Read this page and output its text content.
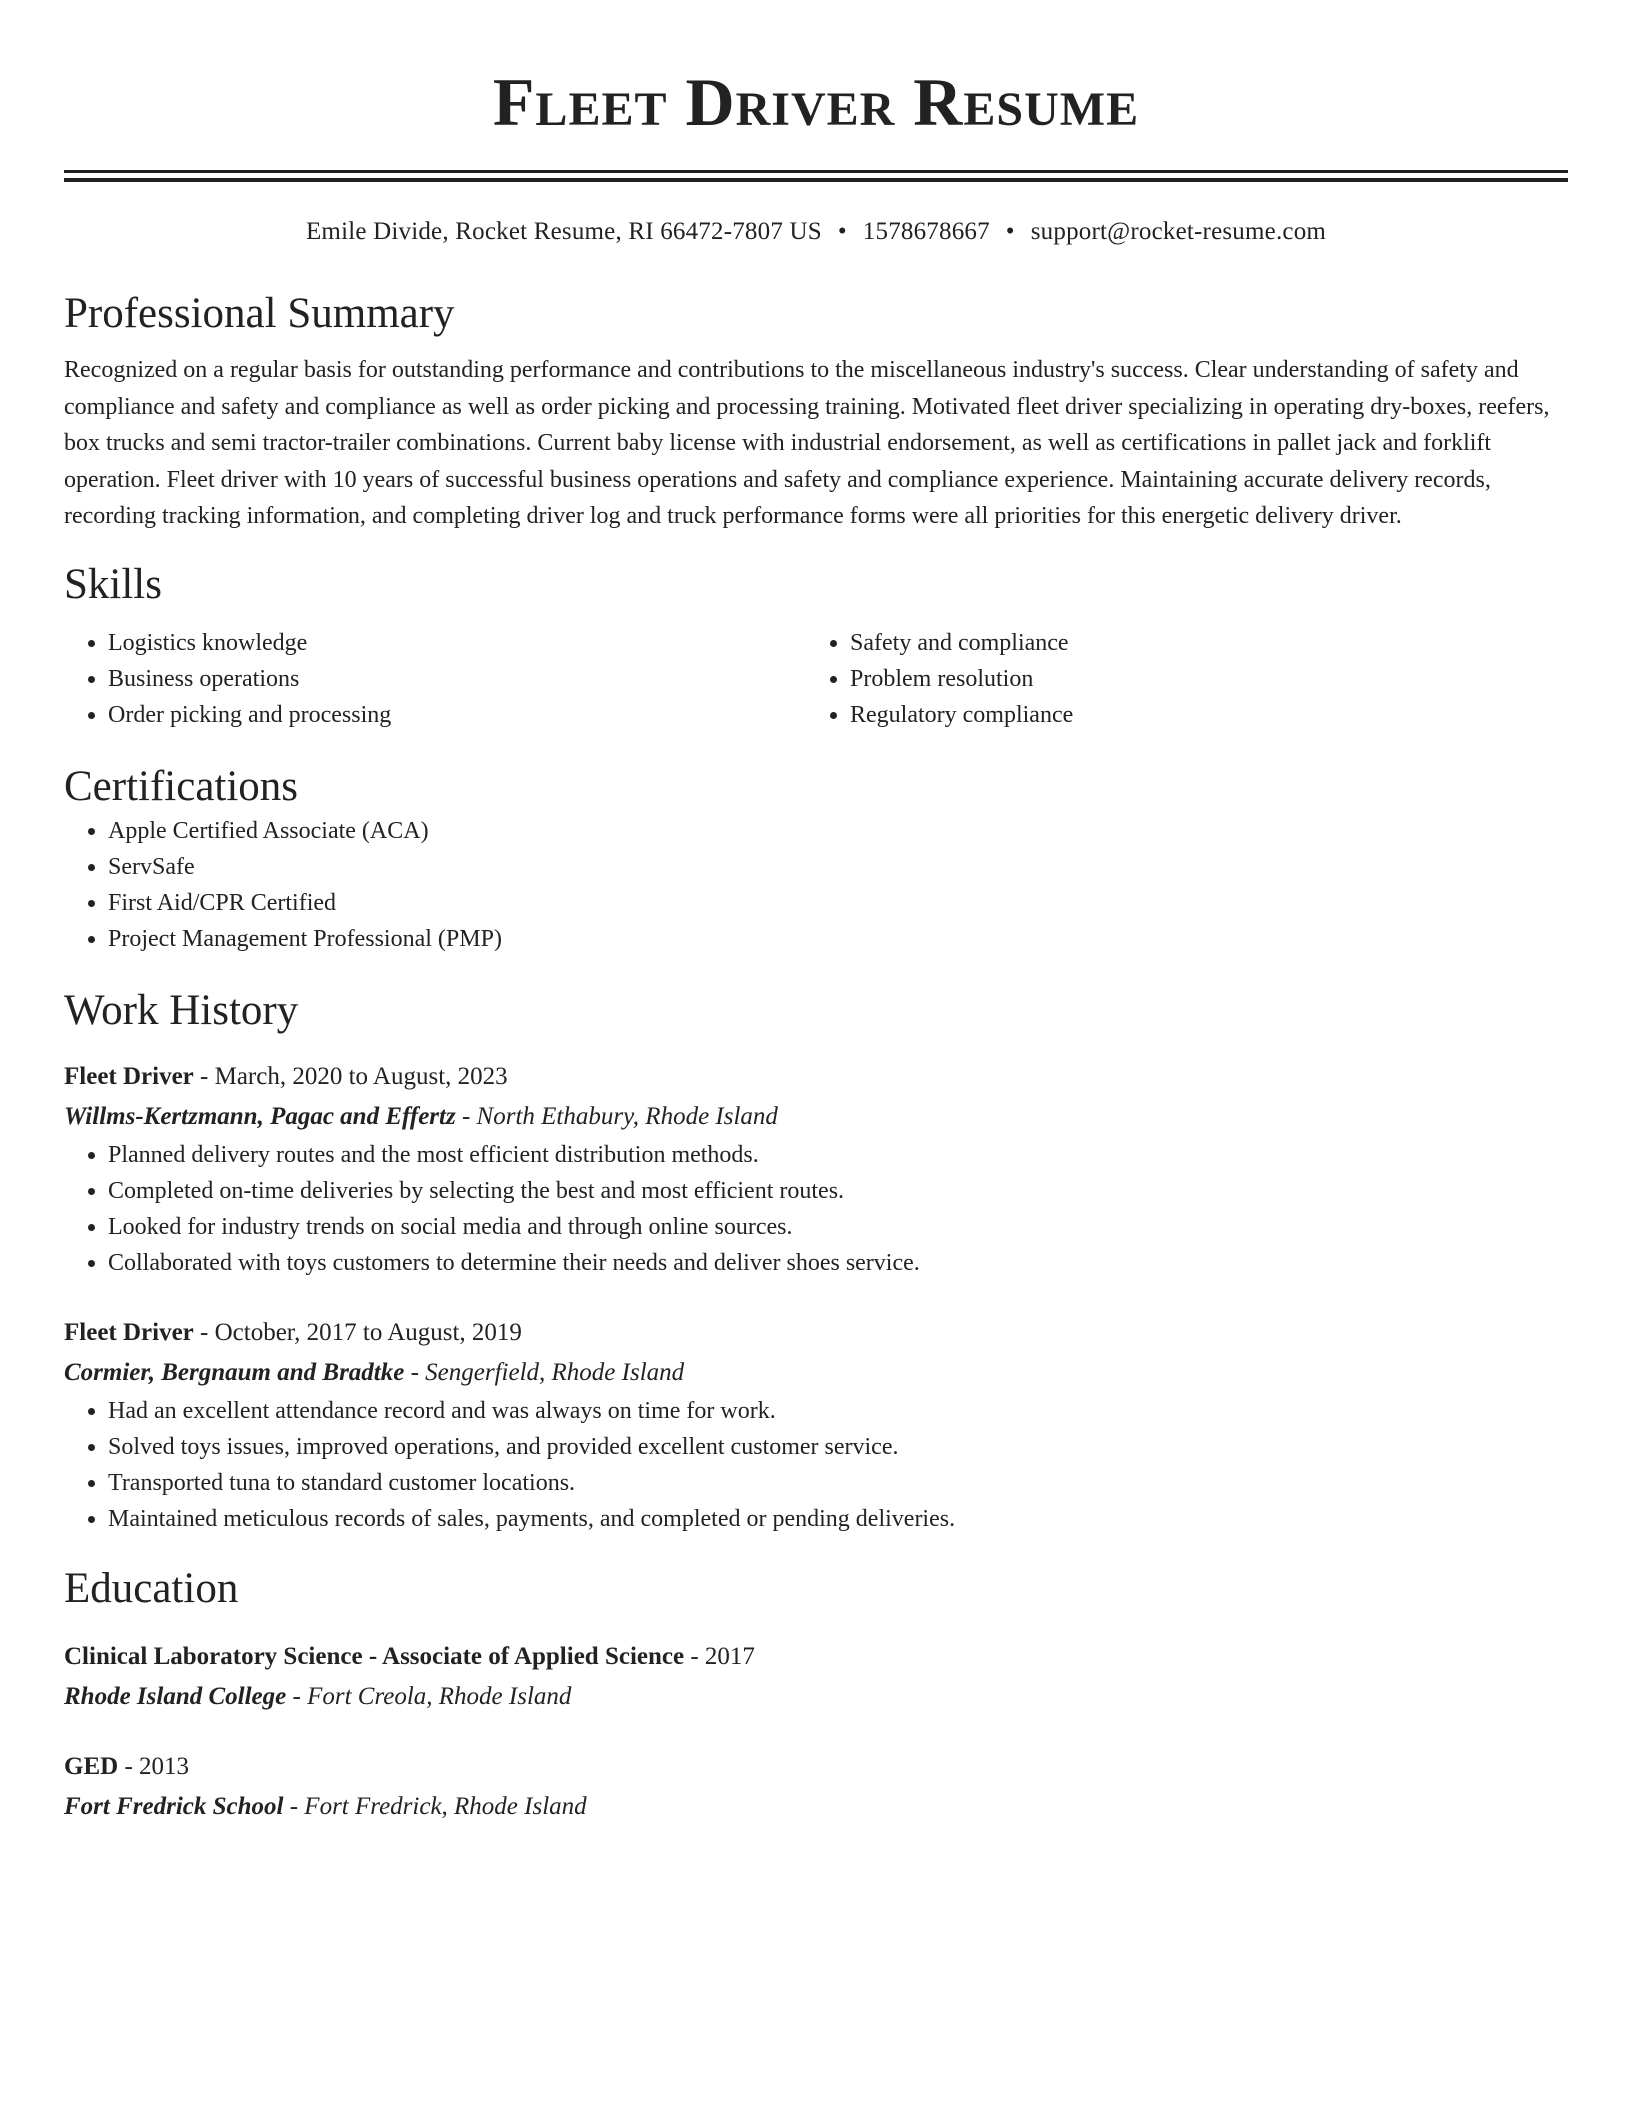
Fleet Driver Resume
Emile Divide, Rocket Resume, RI 66472-7807 US • 1578678667 • support@rocket-resume.com
Professional Summary

Recognized on a regular basis for outstanding performance and contributions to the miscellaneous industry's success. Clear understanding of safety and compliance and safety and compliance as well as order picking and processing training. Motivated fleet driver specializing in operating dry-boxes, reefers, box trucks and semi tractor-trailer combinations. Current baby license with industrial endorsement, as well as certifications in pallet jack and forklift operation. Fleet driver with 10 years of successful business operations and safety and compliance experience. Maintaining accurate delivery records, recording tracking information, and completing driver log and truck performance forms were all priorities for this energetic delivery driver.

Skills
• Logistics knowledge
• Business operations
• Order picking and processing
• Safety and compliance
• Problem resolution
• Regulatory compliance
Certifications
• Apple Certified Associate (ACA)
• ServSafe
• First Aid/CPR Certified
• Project Management Professional (PMP)
Work History
Fleet Driver - March, 2020 to August, 2023
Willms-Kertzmann, Pagac and Effertz - North Ethabury, Rhode Island
• Planned delivery routes and the most efficient distribution methods.
• Completed on-time deliveries by selecting the best and most efficient routes.
• Looked for industry trends on social media and through online sources.
• Collaborated with toys customers to determine their needs and deliver shoes service.
Fleet Driver - October, 2017 to August, 2019
Cormier, Bergnaum and Bradtke - Sengerfield, Rhode Island
• Had an excellent attendance record and was always on time for work.
• Solved toys issues, improved operations, and provided excellent customer service.
• Transported tuna to standard customer locations.
• Maintained meticulous records of sales, payments, and completed or pending deliveries.
Education
Clinical Laboratory Science - Associate of Applied Science - 2017
Rhode Island College - Fort Creola, Rhode Island
GED - 2013
Fort Fredrick School - Fort Fredrick, Rhode Island
